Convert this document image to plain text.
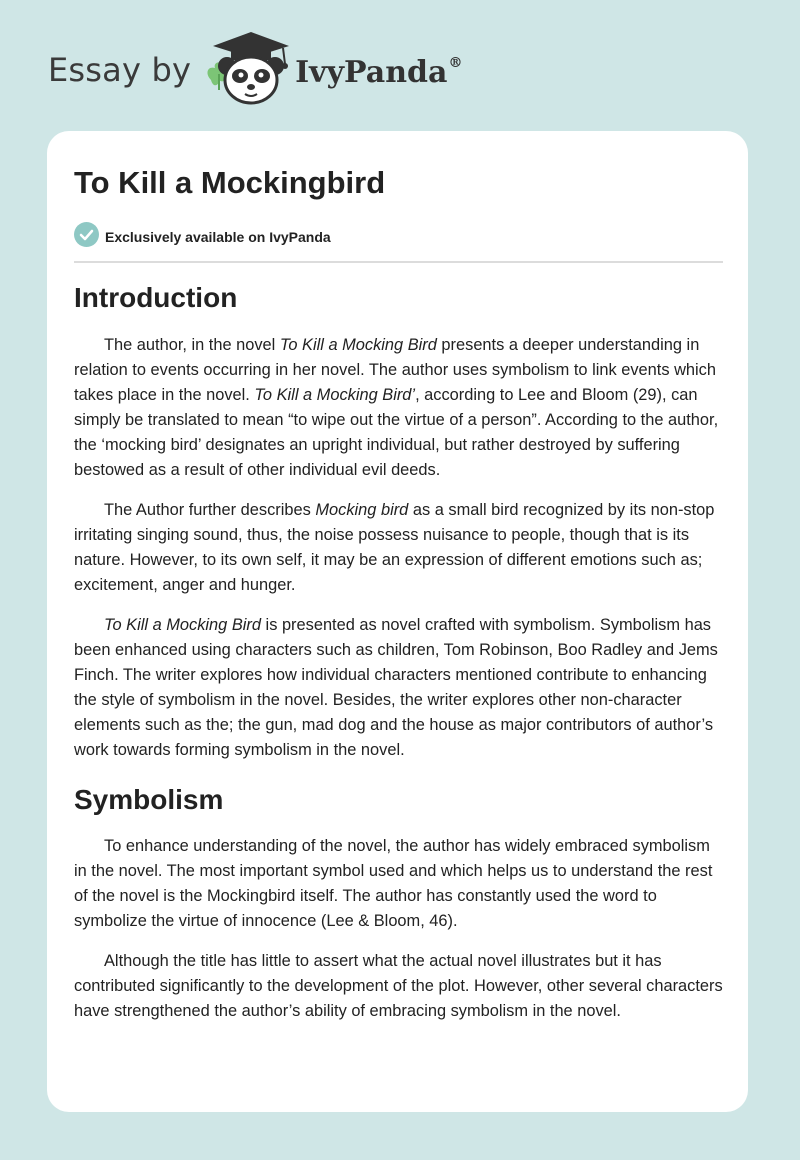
Essay by	IvyPanda®
To Kill a Mockingbird
Exclusively available on IvyPanda
Introduction

The author, in the novel To Kill a Mocking Bird presents a deeper understanding in relation to events occurring in her novel. The author uses symbolism to link events which takes place in the novel. To Kill a Mocking Bird’, according to Lee and Bloom (29), can simply be translated to mean “to wipe out the virtue of a person”. According to the author, the ‘mocking bird’ designates an upright individual, but rather destroyed by suffering bestowed as a result of other individual evil deeds.

The Author further describes Mocking bird as a small bird recognized by its non-stop irritating singing sound, thus, the noise possess nuisance to people, though that is its nature. However, to its own self, it may be an expression of different emotions such as; excitement, anger and hunger.

To Kill a Mocking Bird is presented as novel crafted with symbolism. Symbolism has been enhanced using characters such as children, Tom Robinson, Boo Radley and Jems Finch. The writer explores how individual characters mentioned contribute to enhancing the style of symbolism in the novel. Besides, the writer explores other non-character elements such as the; the gun, mad dog and the house as major contributors of author’s work towards forming symbolism in the novel.

Symbolism

To enhance understanding of the novel, the author has widely embraced symbolism in the novel. The most important symbol used and which helps us to understand the rest of the novel is the Mockingbird itself. The author has constantly used the word to symbolize the virtue of innocence (Lee & Bloom, 46).

Although the title has little to assert what the actual novel illustrates but it has contributed significantly to the development of the plot. However, other several characters have strengthened the author’s ability of embracing symbolism in the novel.
